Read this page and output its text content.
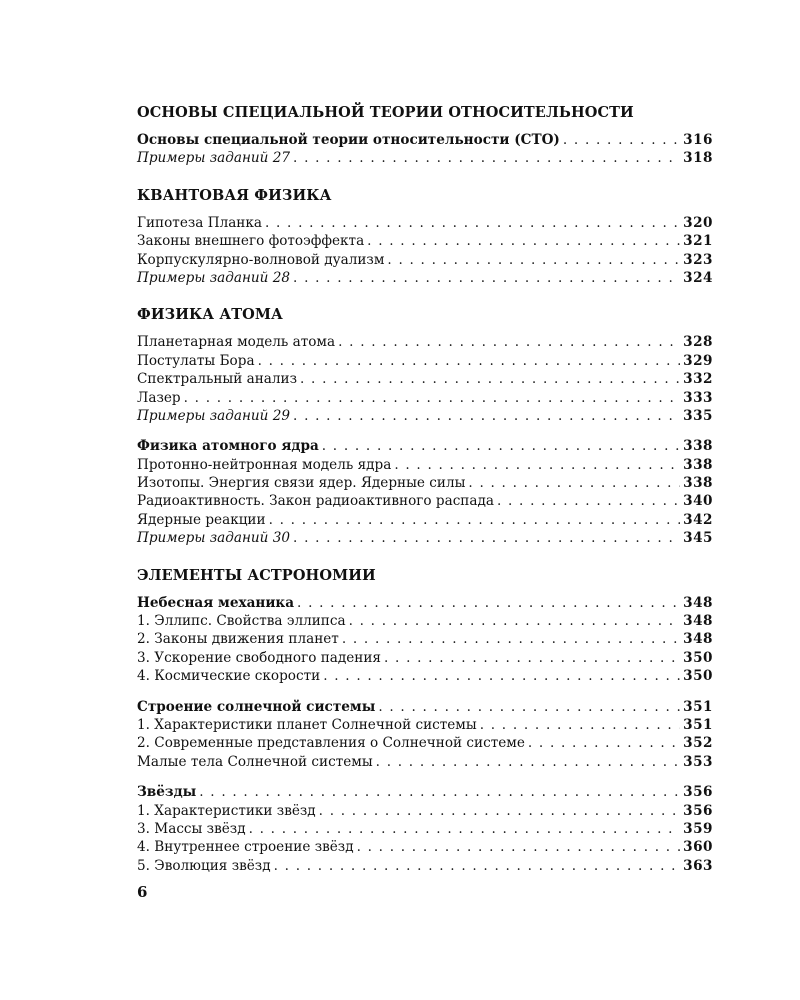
ОСНОВЫ СПЕЦИАЛЬНОЙ ТЕОРИИ ОТНОСИТЕЛЬНОСТИ
Основы специальной теории относительности (СТО) . . .	316
Примеры заданий 27 . . .	318
КВАНТОВАЯ ФИЗИКА
Гипотеза Планка . . .	320
Законы внешнего фотоэффекта . . .	321
Корпускулярно-волновой дуализм . . .	323
Примеры заданий 28 . . .	324
ФИЗИКА АТОМА
Планетарная модель атома . . .	328
Постулаты Бора . . .	329
Спектральный анализ . . .	332
Лазер . . .	333
Примеры заданий 29 . . .	335
Физика атомного ядра . . .	338
Протонно-нейтронная модель ядра . . .	338
Изотопы. Энергия связи ядер. Ядерные силы . . .	338
Радиоактивность. Закон радиоактивного распада . . .	340
Ядерные реакции . . .	342
Примеры заданий 30 . . .	345
ЭЛЕМЕНТЫ АСТРОНОМИИ
Небесная механика . . .	348
1. Эллипс. Свойства эллипса . . .	348
2. Законы движения планет . . .	348
3. Ускорение свободного падения . . .	350
4. Космические скорости . . .	350
Строение солнечной системы . . .	351
1. Характеристики планет Солнечной системы . . .	351
2. Современные представления о Солнечной системе . . .	352
Малые тела Солнечной системы . . .	353
Звёзды . . .	356
1. Характеристики звёзд . . .	356
3. Массы звёзд . . .	359
4. Внутреннее строение звёзд . . .	360
5. Эволюция звёзд . . .	363
6
